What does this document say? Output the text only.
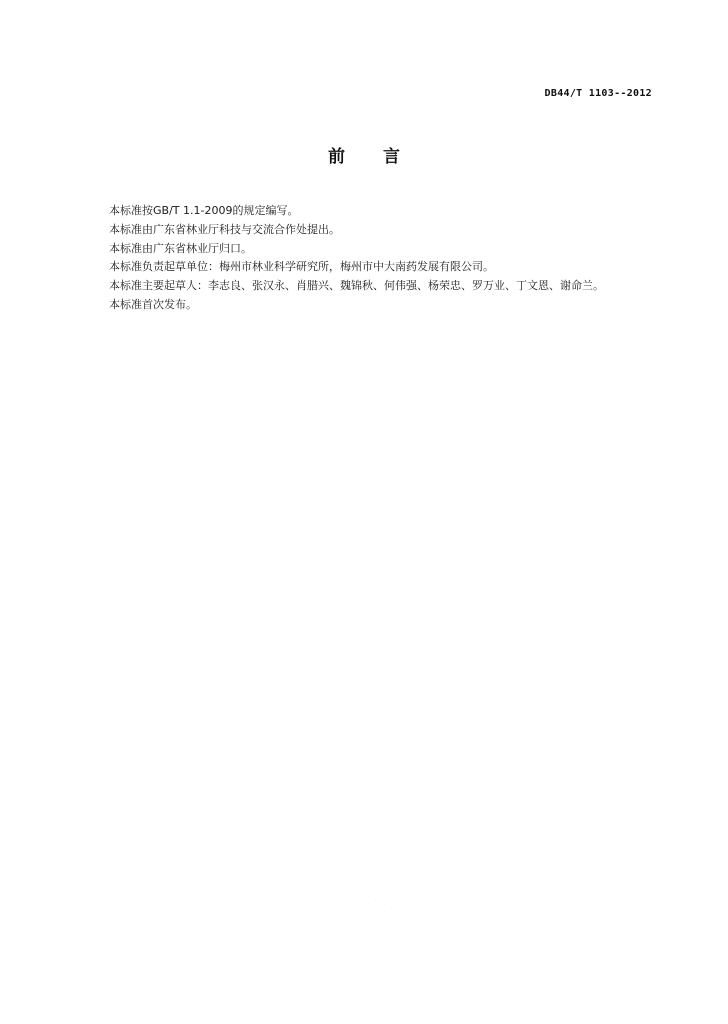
DB44/T 1103--2012
前 言
本标准按GB/T 1.1-2009的规定编写。
本标准由广东省林业厅科技与交流合作处提出。
本标准由广东省林业厅归口。
本标准负责起草单位：梅州市林业科学研究所，梅州市中大南药发展有限公司。
本标准主要起草人：李志良、张汉永、肖腊兴、魏锦秋、何伟强、杨荣忠、罗万业、丁文恩、谢命兰。
本标准首次发布。
· · · · · · · · · · · · ·
